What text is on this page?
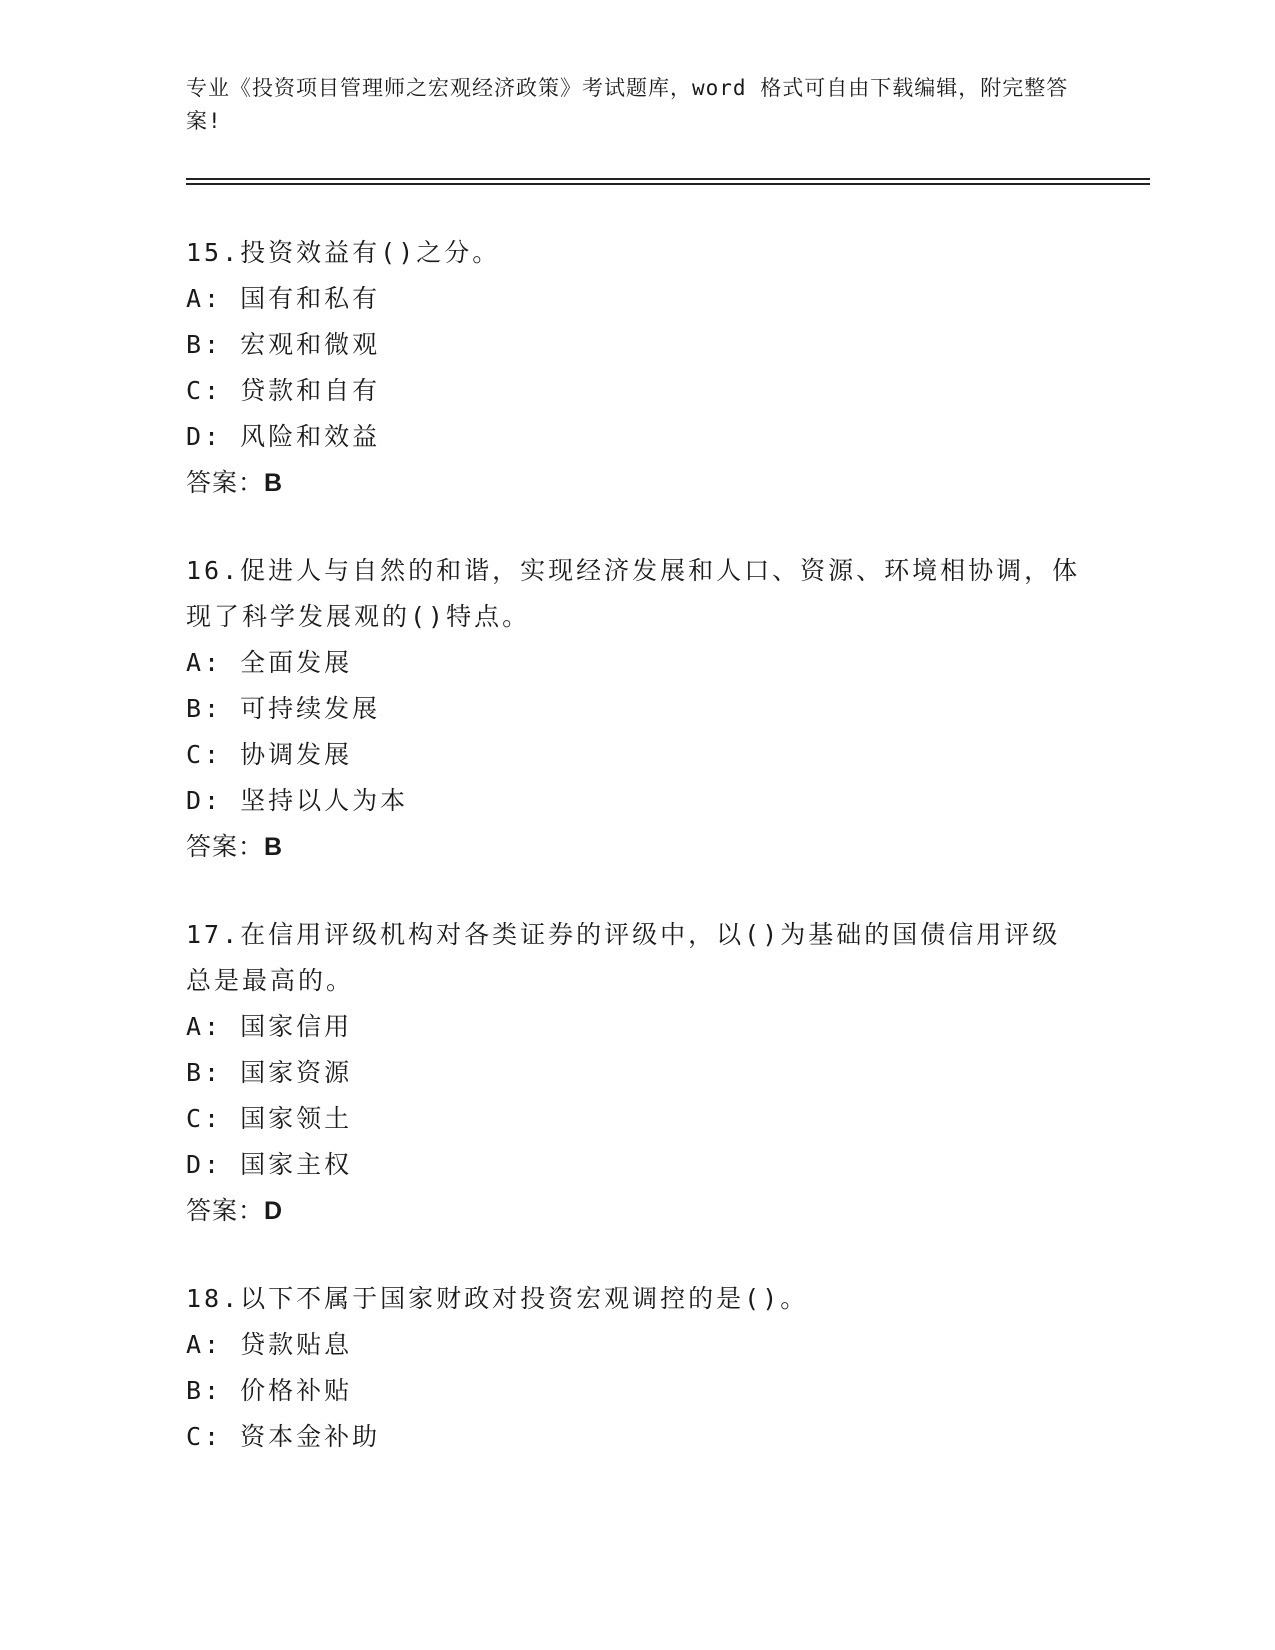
专业《投资项目管理师之宏观经济政策》考试题库，word 格式可自由下载编辑，附完整答案!
15.投资效益有()之分。
A: 国有和私有
B: 宏观和微观
C: 贷款和自有
D: 风险和效益
答案：B
16.促进人与自然的和谐，实现经济发展和人口、资源、环境相协调，体现了科学发展观的()特点。
A: 全面发展
B: 可持续发展
C: 协调发展
D: 坚持以人为本
答案：B
17.在信用评级机构对各类证券的评级中，以()为基础的国债信用评级总是最高的。
A: 国家信用
B: 国家资源
C: 国家领土
D: 国家主权
答案：D
18.以下不属于国家财政对投资宏观调控的是()。
A: 贷款贴息
B: 价格补贴
C: 资本金补助
